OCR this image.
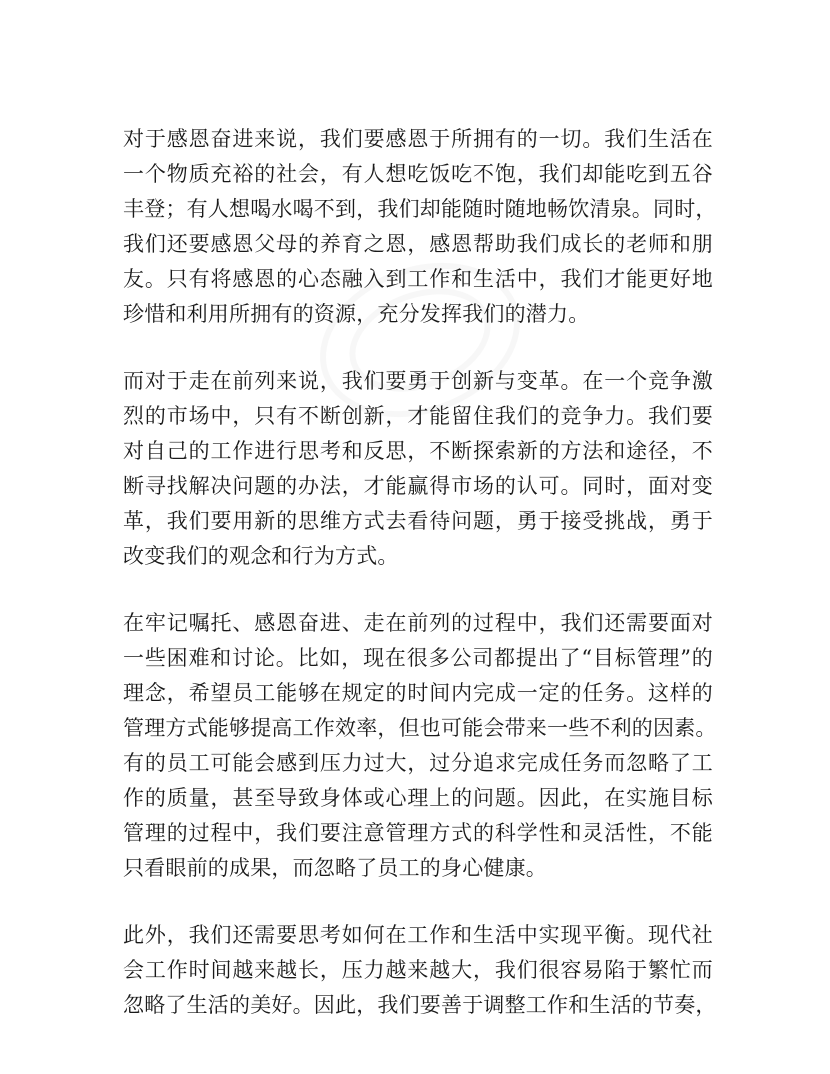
对于感恩奋进来说，我们要感恩于所拥有的一切。我们生活在
一个物质充裕的社会，有人想吃饭吃不饱，我们却能吃到五谷
丰登；有人想喝水喝不到，我们却能随时随地畅饮清泉。同时，
我们还要感恩父母的养育之恩，感恩帮助我们成长的老师和朋
友。只有将感恩的心态融入到工作和生活中，我们才能更好地
珍惜和利用所拥有的资源，充分发挥我们的潜力。
而对于走在前列来说，我们要勇于创新与变革。在一个竞争激
烈的市场中，只有不断创新，才能留住我们的竞争力。我们要
对自己的工作进行思考和反思，不断探索新的方法和途径，不
断寻找解决问题的办法，才能赢得市场的认可。同时，面对变
革，我们要用新的思维方式去看待问题，勇于接受挑战，勇于
改变我们的观念和行为方式。
在牢记嘱托、感恩奋进、走在前列的过程中，我们还需要面对
一些困难和讨论。比如，现在很多公司都提出了“目标管理”的
理念，希望员工能够在规定的时间内完成一定的任务。这样的
管理方式能够提高工作效率，但也可能会带来一些不利的因素。
有的员工可能会感到压力过大，过分追求完成任务而忽略了工
作的质量，甚至导致身体或心理上的问题。因此，在实施目标
管理的过程中，我们要注意管理方式的科学性和灵活性，不能
只看眼前的成果，而忽略了员工的身心健康。
此外，我们还需要思考如何在工作和生活中实现平衡。现代社
会工作时间越来越长，压力越来越大，我们很容易陷于繁忙而
忽略了生活的美好。因此，我们要善于调整工作和生活的节奏，
